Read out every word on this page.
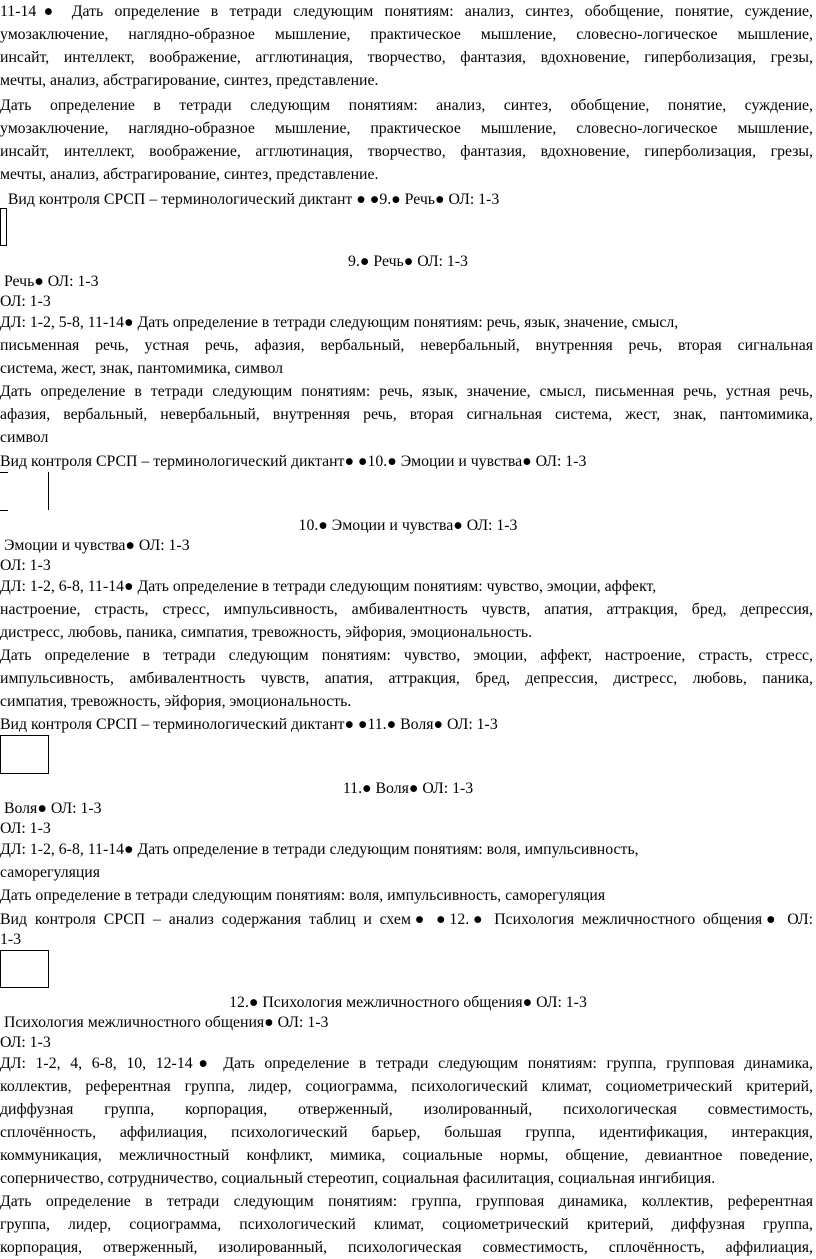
11-14● Дать определение в тетради следующим понятиям: анализ, синтез, обобщение, понятие, суждение,
умозаключение, наглядно-образное мышление, практическое мышление, словесно-логическое мышление,
инсайт, интеллект, воображение, агглютинация, творчество, фантазия, вдохновение, гиперболизация, грезы,
мечты, анализ, абстрагирование, синтез, представление.
Дать определение в тетради следующим понятиям: анализ, синтез, обобщение, понятие, суждение,
умозаключение, наглядно-образное мышление, практическое мышление, словесно-логическое мышление,
инсайт, интеллект, воображение, агглютинация, творчество, фантазия, вдохновение, гиперболизация, грезы,
мечты, анализ, абстрагирование, синтез, представление.
Вид контроля СРСП – терминологический диктант ● ●9.● Речь● ОЛ: 1-3
9.● Речь● ОЛ: 1-3
Речь● ОЛ: 1-3
ОЛ: 1-3
ДЛ: 1-2, 5-8, 11-14● Дать определение в тетради следующим понятиям: речь, язык, значение, смысл,
письменная речь, устная речь, афазия, вербальный, невербальный, внутренняя речь, вторая сигнальная
система, жест, знак, пантомимика, символ
Дать определение в тетради следующим понятиям: речь, язык, значение, смысл, письменная речь, устная речь,
афазия, вербальный, невербальный, внутренняя речь, вторая сигнальная система, жест, знак, пантомимика,
символ
Вид контроля СРСП – терминологический диктант● ●10.● Эмоции и чувства● ОЛ: 1-3
10.● Эмоции и чувства● ОЛ: 1-3
Эмоции и чувства● ОЛ: 1-3
ОЛ: 1-3
ДЛ: 1-2, 6-8, 11-14● Дать определение в тетради следующим понятиям: чувство, эмоции, аффект,
настроение, страсть, стресс, импульсивность, амбивалентность чувств, апатия, аттракция, бред, депрессия,
дистресс, любовь, паника, симпатия, тревожность, эйфория, эмоциональность.
Дать определение в тетради следующим понятиям: чувство, эмоции, аффект, настроение, страсть, стресс,
импульсивность, амбивалентность чувств, апатия, аттракция, бред, депрессия, дистресс, любовь, паника,
симпатия, тревожность, эйфория, эмоциональность.
Вид контроля СРСП – терминологический диктант● ●11.● Воля● ОЛ: 1-3
11.● Воля● ОЛ: 1-3
Воля● ОЛ: 1-3
ОЛ: 1-3
ДЛ: 1-2, 6-8, 11-14● Дать определение в тетради следующим понятиям: воля, импульсивность,
саморегуляция
Дать определение в тетради следующим понятиям: воля, импульсивность, саморегуляция
Вид контроля СРСП – анализ содержания таблиц и схем● ●12.● Психология межличностного общения● ОЛ:
1-3
12.● Психология межличностного общения● ОЛ: 1-3
Психология межличностного общения● ОЛ: 1-3
ОЛ: 1-3
ДЛ: 1-2, 4, 6-8, 10, 12-14● Дать определение в тетради следующим понятиям: группа, групповая динамика,
коллектив, референтная группа, лидер, социограмма, психологический климат, социометрический критерий,
диффузная группа, корпорация, отверженный, изолированный, психологическая совместимость,
сплочённость, аффилиация, психологический барьер, большая группа, идентификация, интеракция,
коммуникация, межличностный конфликт, мимика, социальные нормы, общение, девиантное поведение,
соперничество, сотрудничество, социальный стереотип, социальная фасилитация, социальная ингибиция.
Дать определение в тетради следующим понятиям: группа, групповая динамика, коллектив, референтная
группа, лидер, социограмма, психологический климат, социометрический критерий, диффузная группа,
корпорация, отверженный, изолированный, психологическая совместимость, сплочённость, аффилиация,
